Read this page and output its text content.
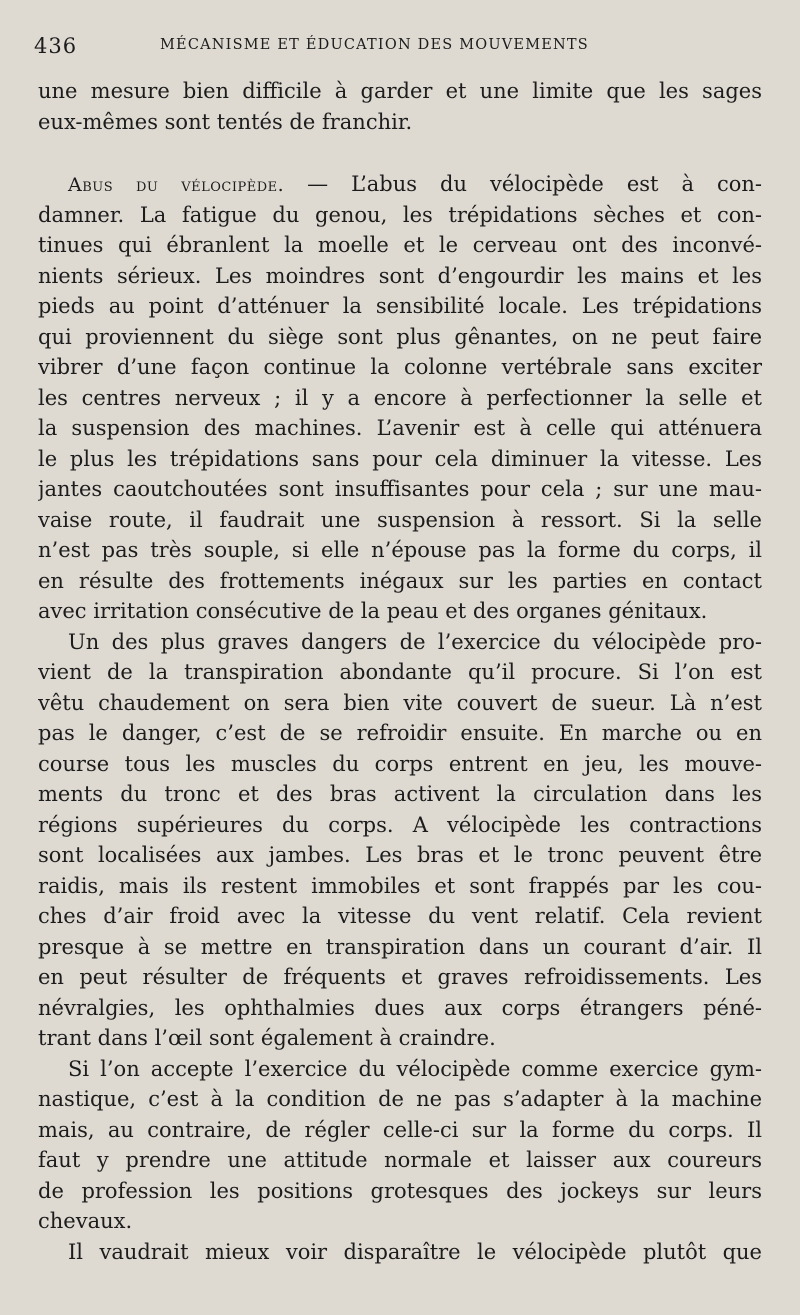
436	MÉCANISME ET ÉDUCATION DES MOUVEMENTS
une mesure bien difficile à garder et une limite que les sages
eux-mêmes sont tentés de franchir.
Abus du vélocipède. — L’abus du vélocipède est à con-
damner. La fatigue du genou, les trépidations sèches et con-
tinues qui ébranlent la moelle et le cerveau ont des inconvé-
nients sérieux. Les moindres sont d’engourdir les mains et les
pieds au point d’atténuer la sensibilité locale. Les trépidations
qui proviennent du siège sont plus gênantes, on ne peut faire
vibrer d’une façon continue la colonne vertébrale sans exciter
les centres nerveux ; il y a encore à perfectionner la selle et
la suspension des machines. L’avenir est à celle qui atténuera
le plus les trépidations sans pour cela diminuer la vitesse. Les
jantes caoutchoutées sont insuffisantes pour cela ; sur une mau-
vaise route, il faudrait une suspension à ressort. Si la selle
n’est pas très souple, si elle n’épouse pas la forme du corps, il
en résulte des frottements inégaux sur les parties en contact
avec irritation consécutive de la peau et des organes génitaux.
Un des plus graves dangers de l’exercice du vélocipède pro-
vient de la transpiration abondante qu’il procure. Si l’on est
vêtu chaudement on sera bien vite couvert de sueur. Là n’est
pas le danger, c’est de se refroidir ensuite. En marche ou en
course tous les muscles du corps entrent en jeu, les mouve-
ments du tronc et des bras activent la circulation dans les
régions supérieures du corps. A vélocipède les contractions
sont localisées aux jambes. Les bras et le tronc peuvent être
raidis, mais ils restent immobiles et sont frappés par les cou-
ches d’air froid avec la vitesse du vent relatif. Cela revient
presque à se mettre en transpiration dans un courant d’air. Il
en peut résulter de fréquents et graves refroidissements. Les
névralgies, les ophthalmies dues aux corps étrangers péné-
trant dans l’œil sont également à craindre.
Si l’on accepte l’exercice du vélocipède comme exercice gym-
nastique, c’est à la condition de ne pas s’adapter à la machine
mais, au contraire, de régler celle-ci sur la forme du corps. Il
faut y prendre une attitude normale et laisser aux coureurs
de profession les positions grotesques des jockeys sur leurs
chevaux.
Il vaudrait mieux voir disparaître le vélocipède plutôt que
